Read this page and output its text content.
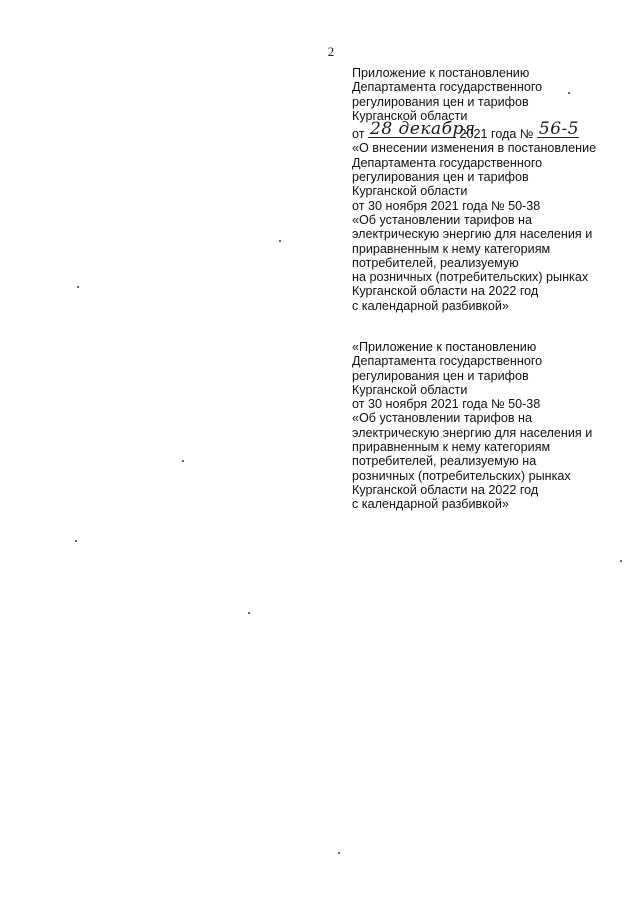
2

Приложение к постановлению

Департамента государственного

регулирования цен и тарифов

Курганской области

от 28 декабря
2021 года № 56-5

«О внесении изменения в постановление

Департамента государственного

регулирования цен и тарифов

Курганской области

от 30 ноября 2021 года № 50-38

«Об установлении тарифов на

электрическую энергию для населения и

приравненным к нему категориям

потребителей, реализуемую

на розничных (потребительских) рынках

Курганской области на 2022 год

с календарной разбивкой»

«Приложение к постановлению

Департамента государственного

регулирования цен и тарифов

Курганской области

от 30 ноября 2021 года № 50-38

«Об установлении тарифов на

электрическую энергию для населения и

приравненным к нему категориям

потребителей, реализуемую на

розничных (потребительских) рынках

Курганской области на 2022 год

с календарной разбивкой»
